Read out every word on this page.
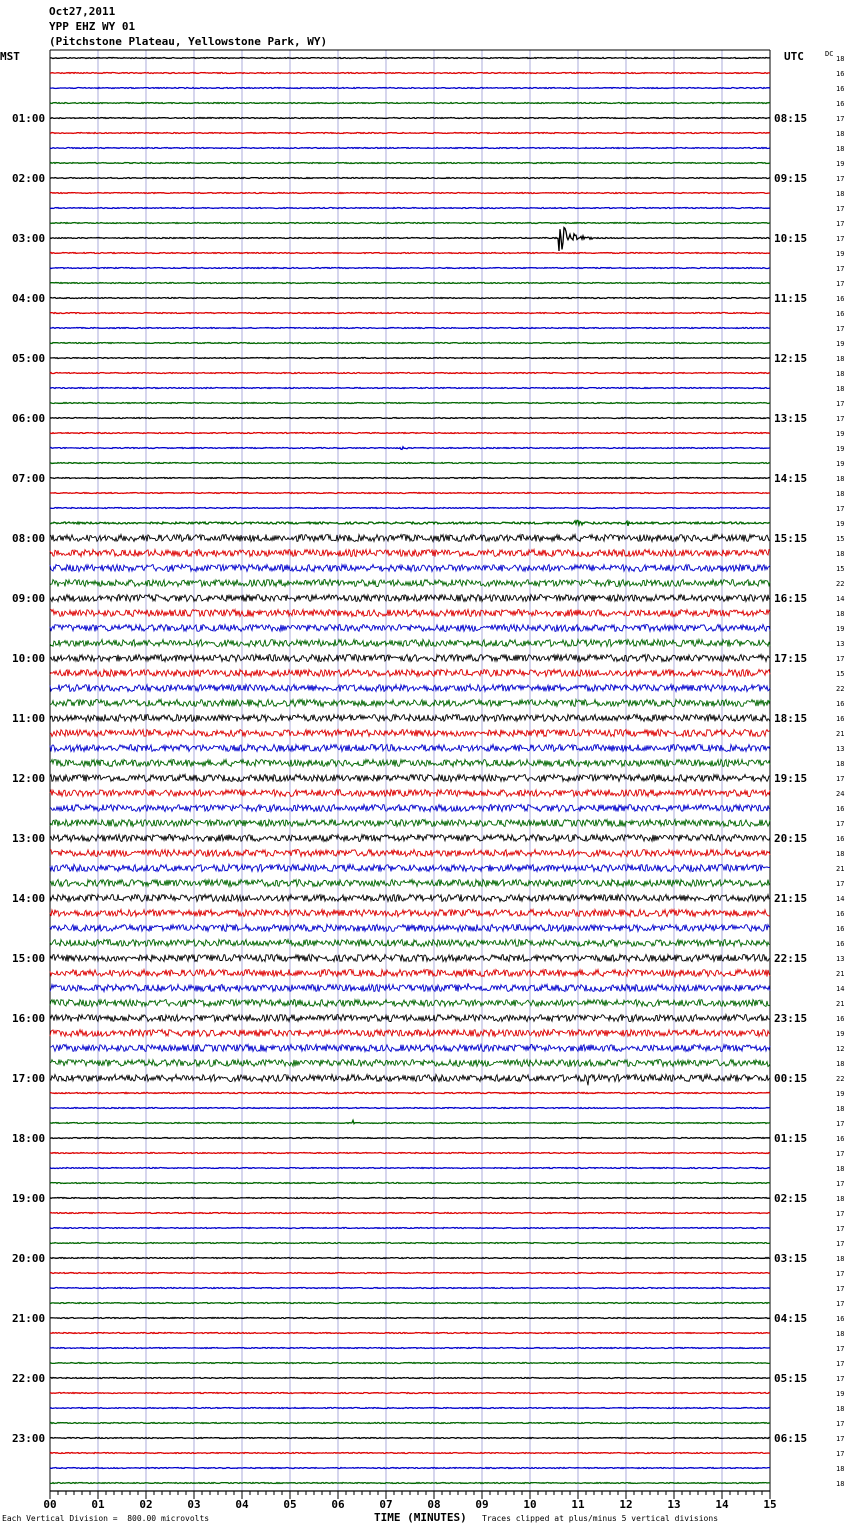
Oct27,2011
YPP EHZ WY 01
(Pitchstone Plateau, Yellowstone Park, WY)
00	01	02	03	04	05	06	07	08	09	10	11	12	13	14	15
MST	UTC	DC
18
16
16
16
17
18
18
19
17
18
17
17
17
19
17
17
16
16
17
19
18
18
18
17
17
19
19
19
18
18
17
19
15
18
15
22
14
18
19
13
17
15
22
16
16
21
13
18
17
24
16
17
16
18
21
17
14
16
16
16
13
21
14
21
16
19
12
18
22
19
18
17
16
17
18
17
18
17
17
17
18
17
17
17
16
18
17
17
17
19
18
17
17
17
18
18
01:00
02:00
03:00
04:00
05:00
06:00
07:00
08:00
09:00
10:00
11:00
12:00
13:00
14:00
15:00
16:00
17:00
18:00
19:00
20:00
21:00
22:00
23:00
08:15
09:15
10:15
11:15
12:15
13:15
14:15
15:15
16:15
17:15
18:15
19:15
20:15
21:15
22:15
23:15
00:15
01:15
02:15
03:15
04:15
05:15
06:15
Each Vertical Division =  800.00 microvolts	TIME (MINUTES) Traces clipped at plus/minus 5 vertical divisions
